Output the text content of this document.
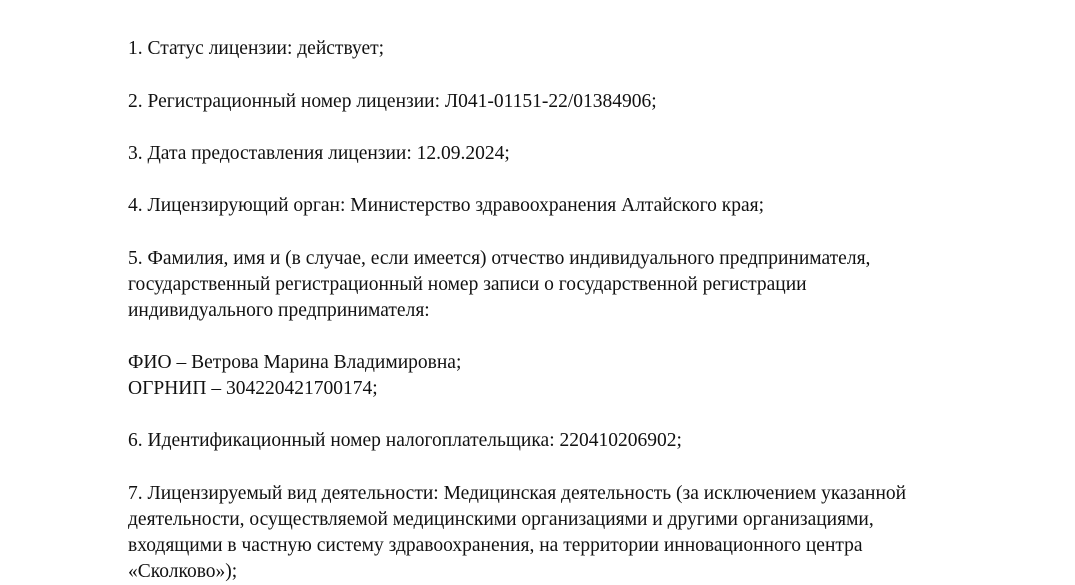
1. Статус лицензии: действует;
2. Регистрационный номер лицензии: Л041-01151-22/01384906;
3. Дата предоставления лицензии: 12.09.2024;
4. Лицензирующий орган: Министерство здравоохранения Алтайского края;
5. Фамилия, имя и (в случае, если имеется) отчество индивидуального предпринимателя,
государственный регистрационный номер записи о государственной регистрации
индивидуального предпринимателя:
ФИО – Ветрова Марина Владимировна;
ОГРНИП – 304220421700174;
6. Идентификационный номер налогоплательщика: 220410206902;
7. Лицензируемый вид деятельности: Медицинская деятельность (за исключением указанной
деятельности, осуществляемой медицинскими организациями и другими организациями,
входящими в частную систему здравоохранения, на территории инновационного центра
«Сколково»);
